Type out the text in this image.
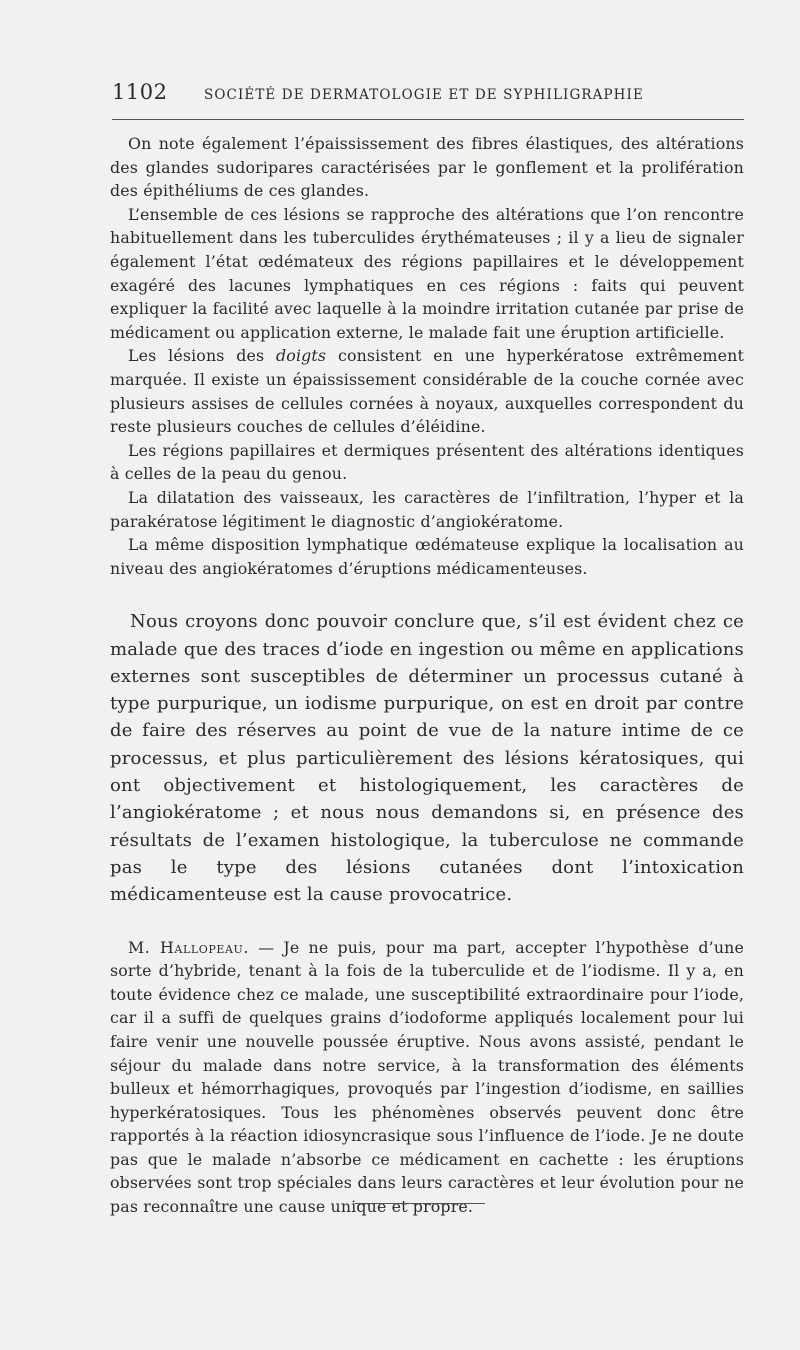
1102	SOCIÉTÉ DE DERMATOLOGIE ET DE SYPHILIGRAPHIE

On note également l’épaississement des fibres élastiques, des altérations des glandes sudoripares caractérisées par le gonflement et la prolifération des épithéliums de ces glandes.

L’ensemble de ces lésions se rapproche des altérations que l’on rencontre habituellement dans les tuberculides érythémateuses ; il y a lieu de signaler également l’état œdémateux des régions papillaires et le développement exagéré des lacunes lymphatiques en ces régions : faits qui peuvent expliquer la facilité avec laquelle à la moindre irritation cutanée par prise de médicament ou application externe, le malade fait une éruption artificielle.

Les lésions des doigts consistent en une hyperkératose extrêmement marquée. Il existe un épaississement considérable de la couche cornée avec plusieurs assises de cellules cornées à noyaux, auxquelles correspondent du reste plusieurs couches de cellules d’éléidine.

Les régions papillaires et dermiques présentent des altérations identiques à celles de la peau du genou.

La dilatation des vaisseaux, les caractères de l’infiltration, l’hyper et la parakératose légitiment le diagnostic d’angiokératome.

La même disposition lymphatique œdémateuse explique la localisation au niveau des angiokératomes d’éruptions médicamenteuses.

Nous croyons donc pouvoir conclure que, s’il est évident chez ce malade que des traces d’iode en ingestion ou même en applications externes sont susceptibles de déterminer un processus cutané à type purpurique, un iodisme purpurique, on est en droit par contre de faire des réserves au point de vue de la nature intime de ce processus, et plus particulièrement des lésions kératosiques, qui ont objectivement et histologiquement, les caractères de l’angiokératome ; et nous nous demandons si, en présence des résultats de l’examen histologique, la tuberculose ne commande pas le type des lésions cutanées dont l’intoxication médicamenteuse est la cause provocatrice.

M. Hallopeau. — Je ne puis, pour ma part, accepter l’hypothèse d’une sorte d’hybride, tenant à la fois de la tuberculide et de l’iodisme. Il y a, en toute évidence chez ce malade, une susceptibilité extraordinaire pour l’iode, car il a suffi de quelques grains d’iodoforme appliqués localement pour lui faire venir une nouvelle poussée éruptive. Nous avons assisté, pendant le séjour du malade dans notre service, à la transformation des éléments bulleux et hémorrhagiques, provoqués par l’ingestion d’iodisme, en saillies hyperkératosiques. Tous les phénomènes observés peuvent donc être rapportés à la réaction idiosyncrasique sous l’influence de l’iode. Je ne doute pas que le malade n’absorbe ce médicament en cachette : les éruptions observées sont trop spéciales dans leurs caractères et leur évolution pour ne pas reconnaître une cause unique et propre.
